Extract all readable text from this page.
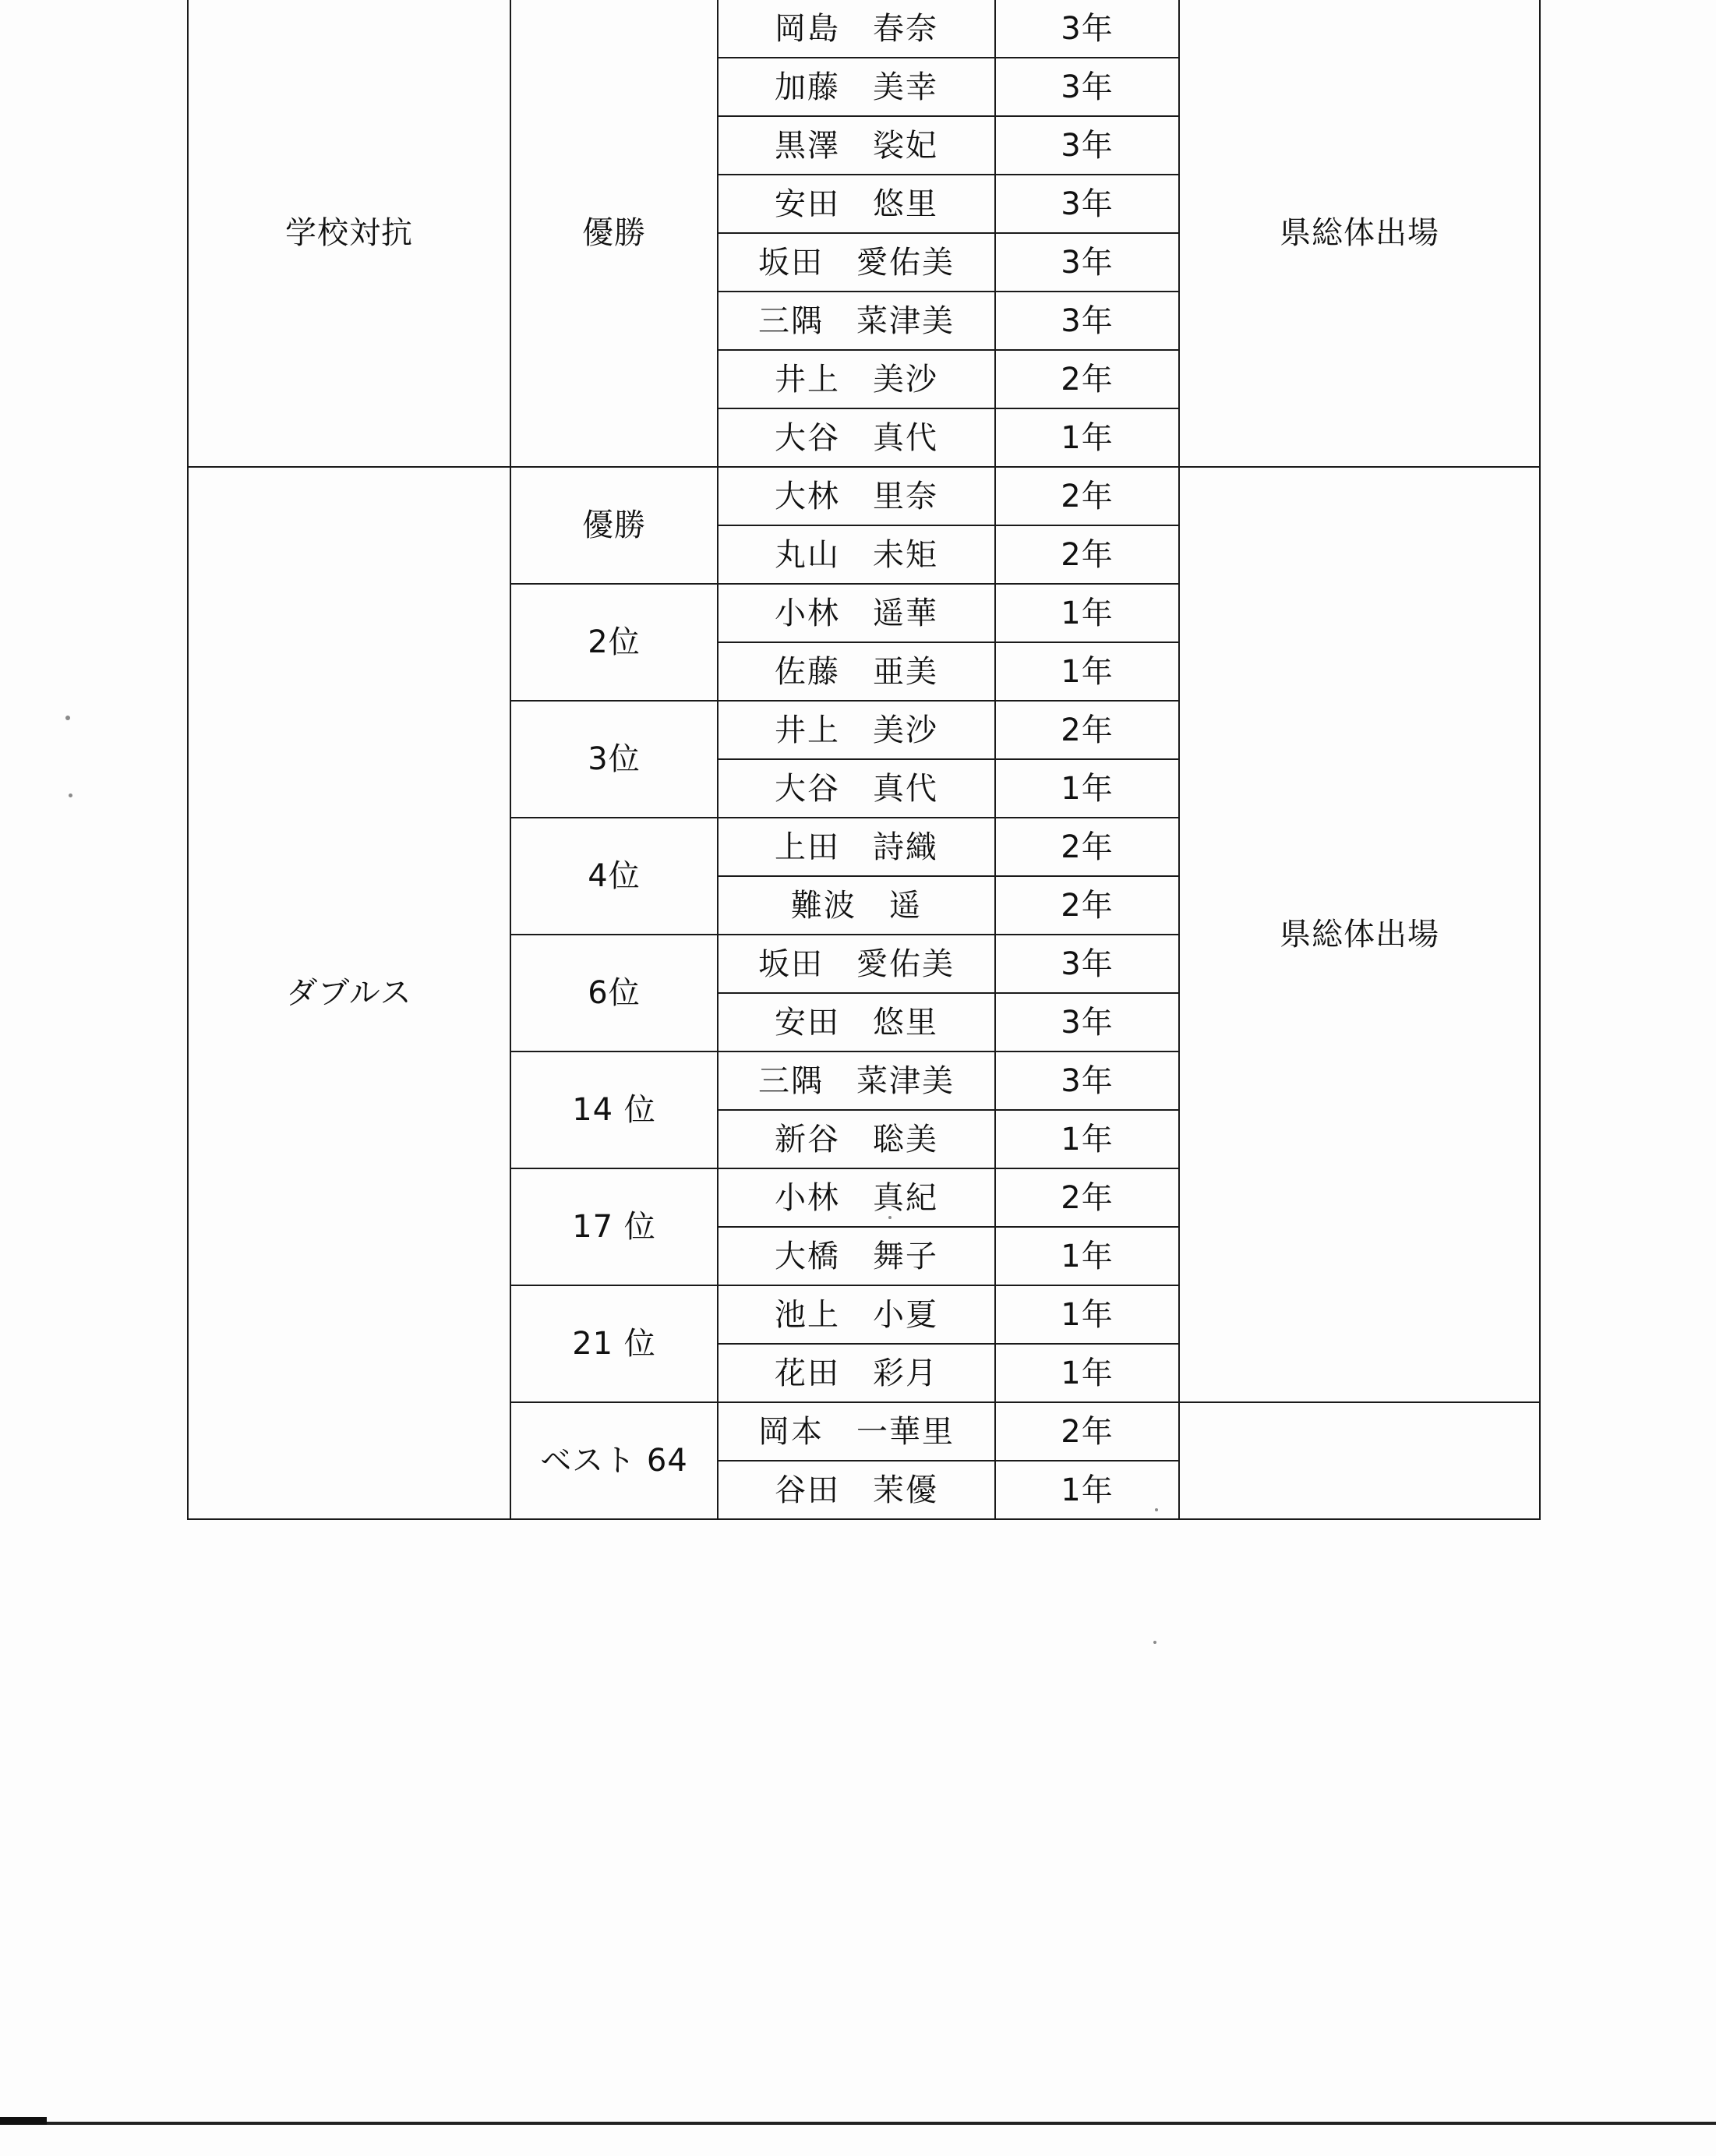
学校対抗	優勝	岡島　春奈	3年	県総体出場
		加藤　美幸	3年	
		黒澤　裟妃	3年	
		安田　悠里	3年	
		坂田　愛佑美	3年	
		三隅　菜津美	3年	
		井上　美沙	2年	
		大谷　真代	1年	
ダブルス	優勝	大林　里奈	2年	県総体出場
		丸山　未矩	2年	
	2位	小林　遥華	1年	
		佐藤　亜美	1年	
	3位	井上　美沙	2年	
		大谷　真代	1年	
	4位	上田　詩織	2年	
		難波　遥	2年	
	6位	坂田　愛佑美	3年	
		安田　悠里	3年	
	14 位	三隅　菜津美	3年	
		新谷　聡美	1年	
	17 位	小林　真紀	2年	
		大橋　舞子	1年	
	21 位	池上　小夏	1年	
		花田　彩月	1年	
	ベスト 64	岡本　一華里	2年	
		谷田　茉優	1年	
